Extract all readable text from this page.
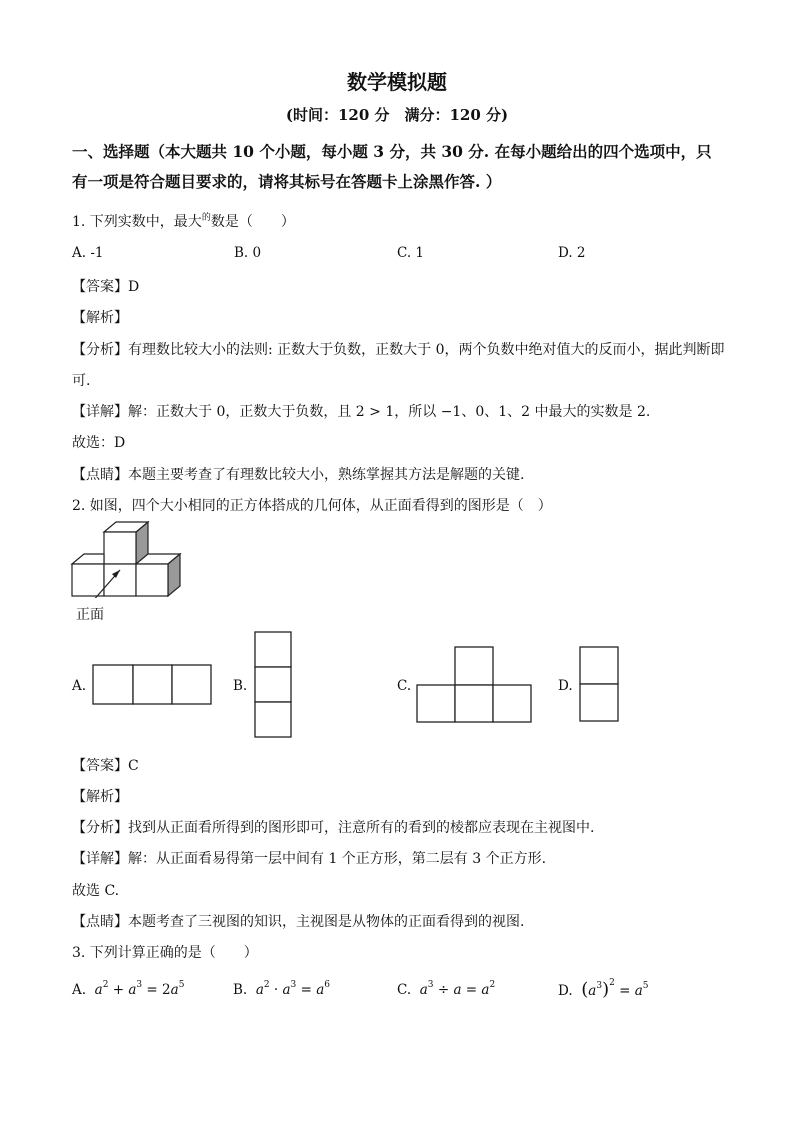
数学模拟题
(时间：120 分　满分：120 分)
一、选择题（本大题共 10 个小题，每小题 3 分，共 30 分. 在每小题给出的四个选项中，只
有一项是符合题目要求的，请将其标号在答题卡上涂黑作答. ）
1. 下列实数中，最大$^的$数是（　　）
A. -1	B. 0	C. 1	D. 2
【答案】D
【解析】
【分析】有理数比较大小的法则: 正数大于负数，正数大于 0，两个负数中绝对值大的反而小，据此判断即
可.
【详解】解：正数大于 0，正数大于负数，且 2 > 1，所以 −1、0、1、2 中最大的实数是 2.
故选：D
【点睛】本题主要考查了有理数比较大小，熟练掌握其方法是解题的关键.
2. 如图，四个大小相同的正方体搭成的几何体，从正面看得到的图形是（　）
正面
A.	B.	C.	D.
【答案】C
【解析】
【分析】找到从正面看所得到的图形即可，注意所有的看到的棱都应表现在主视图中.
【详解】解：从正面看易得第一层中间有 1 个正方形，第二层有 3 个正方形.
故选 C.
【点睛】本题考查了三视图的知识，主视图是从物体的正面看得到的视图.
3. 下列计算正确的是（　　）
A. $a^2 + a^3 = 2a^5$	B. $a^2 \cdot a^3 = a^6$	C. $a^3 \div a = a^2$	D. $(a^3)^2 = a^5$
